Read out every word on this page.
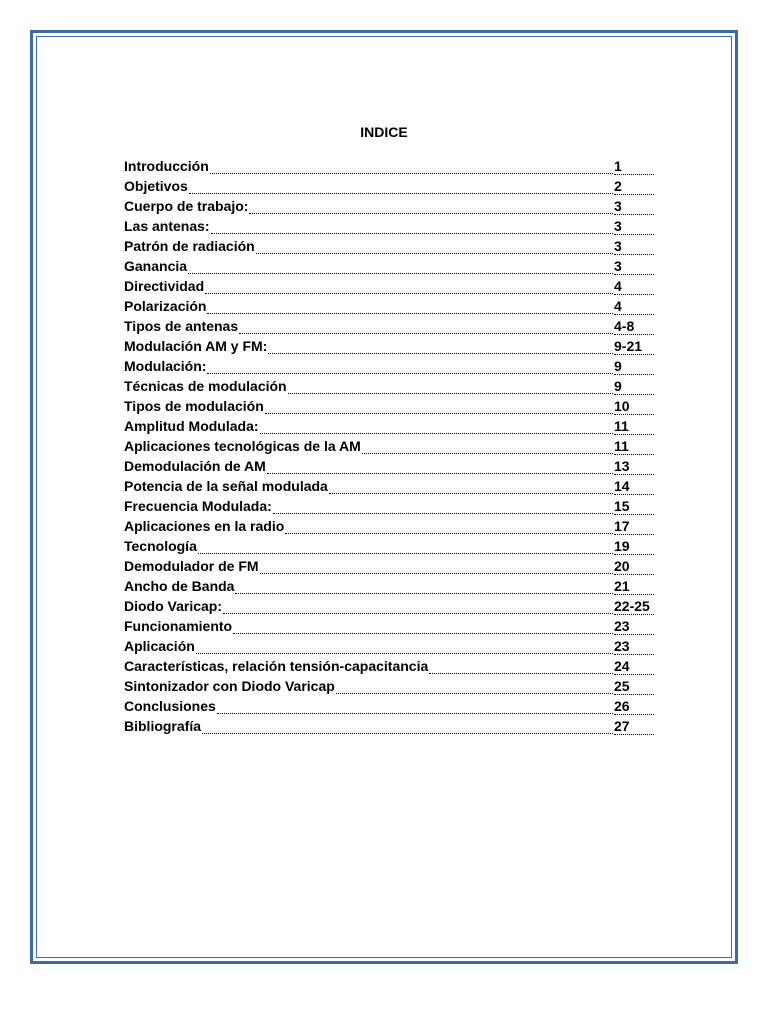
INDICE
Introducción	1
Objetivos	2
Cuerpo de trabajo:	3
Las antenas:	3
Patrón de radiación	3
Ganancia	3
Directividad	4
Polarización	4
Tipos de antenas	4-8
Modulación AM y FM:	9-21
Modulación:	9
Técnicas de modulación	9
Tipos de modulación	10
Amplitud Modulada:	11
Aplicaciones tecnológicas de la AM	11
Demodulación de AM	13
Potencia de la señal modulada	14
Frecuencia Modulada:	15
Aplicaciones en la radio	17
Tecnología	19
Demodulador de FM	20
Ancho de Banda	21
Diodo Varicap:	22-25
Funcionamiento	23
Aplicación	23
Características, relación tensión-capacitancia	24
Sintonizador con Diodo Varicap	25
Conclusiones	26
Bibliografía	27
